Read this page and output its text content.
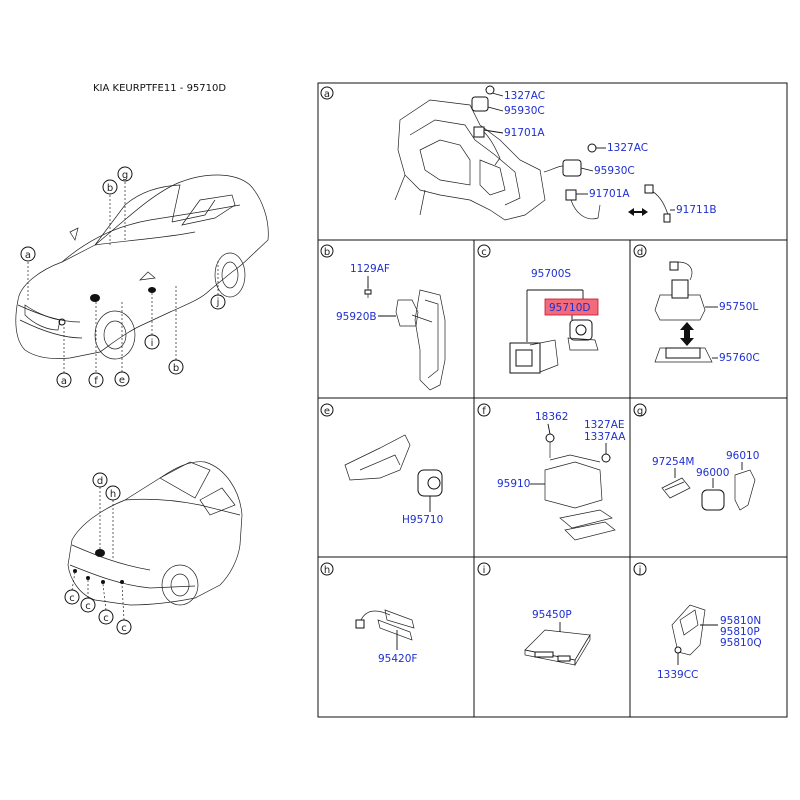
KIA KEURPTFE11 - 95710D
a
b
g
j
i
b
e
f
a
d
h
c
c
c
c
a	1327AC
95930C
91701A
1327AC
95930C
91701A
91711B
b
1129AF
95920B
c
95700S
95710D
d
95750L
95760C
e
H95710
f	18362
1327AE
1337AA
95910
g
97254M	96010
96000
h
95420F
i
95450P
j
95810N
95810P
95810Q
1339CC
